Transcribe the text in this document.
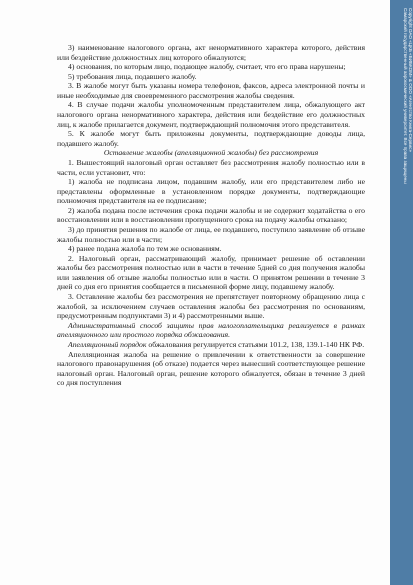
3) наименование налогового органа, акт ненормативного характера которого, действия или бездействие должностных лиц которого обжалуются;

4) основания, по которым лицо, подающее жалобу, считает, что его права нарушены;

5) требования лица, подавшего жалобу.

3. В жалобе могут быть указаны номера телефонов, факсов, адреса электронной почты и иные необходимые для своевременного рассмотрения жалобы сведения.

4. В случае подачи жалобы уполномоченным представителем лица, обжалующего акт налогового органа ненормативного характера, действия или бездействие его должностных лиц, к жалобе прилагается документ, подтверждающий полномочия этого представителя.

5. К жалобе могут быть приложены документы, подтверждающие доводы лица, подавшего жалобу.

Оставление жалобы (апелляционной жалобы) без рассмотрения

1. Вышестоящий налоговый орган оставляет без рассмотрения жалобу полностью или в части, если установит, что:

1) жалоба не подписана лицом, подавшим жалобу, или его представителем либо не представлены оформленные в установленном порядке документы, подтверждающие полномочия представителя на ее подписание;

2) жалоба подана после истечения срока подачи жалобы и не содержит ходатайства о его восстановлении или в восстановлении пропущенного срока на подачу жалобы отказано;

3) до принятия решения по жалобе от лица, ее подавшего, поступило заявление об отзыве жалобы полностью или в части;

4) ранее подана жалоба по тем же основаниям.

2. Налоговый орган, рассматривающий жалобу, принимает решение об оставлении жалобы без рассмотрения полностью или в части в течение 5дней со дня получения жалобы или заявления об отзыве жалобы полностью или в части. О принятом решении в течение 3 дней со дня его принятия сообщается в письменной форме лицу, подавшему жалобу.

3. Оставление жалобы без рассмотрения не препятствует повторному обращению лица с жалобой, за исключением случаев оставления жалобы без рассмотрения по основаниям, предусмотренным подпунктами 3) и 4) рассмотренными выше.

Административный способ защиты прав налогоплательщика реализуется в рамках апелляционного или простого порядка обжалования.

Апелляционный порядок обжалования регулируется статьями 101.2, 138, 139.1-140 НК РФ.

Апелляционная жалоба на решение о привлечении к ответственности за совершение налогового правонарушения (об отказе) подается через вынесший соответствующее решение налоговый орган. Налоговый орган, решение которого обжалуется, обязан в течение 3 дней со дня поступления

Copyright ОАО «ЦКБ «БИБКОМ» & ООО «Aгентство Книга-Сервис»
Самарский государственный аэрокосмический университет. Все права защищены
